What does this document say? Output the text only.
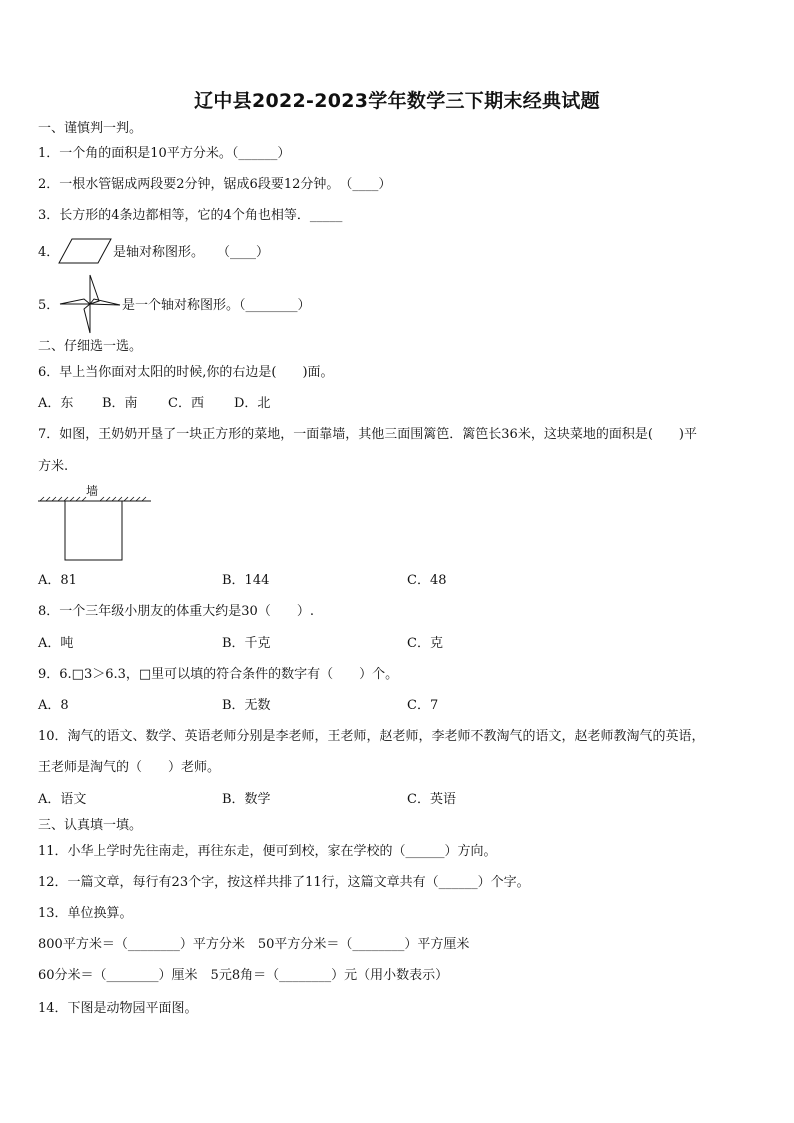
辽中县2022-2023学年数学三下期末经典试题
一、谨慎判一判。
1．一个角的面积是10平方分米。（______）
2．一根水管锯成两段要2分钟，锯成6段要12分钟。　（____）
3．长方形的4条边都相等，它的4个角也相等．_____
4．	是轴对称图形。　　（____）
5．	是一个轴对称图形。（________）
二、仔细选一选。
6．早上当你面对太阳的时候,你的右边是(　　)面。
A．东 B．南 C．西 D．北
7．如图，王奶奶开垦了一块正方形的菜地，一面靠墙，其他三面围篱笆．篱笆长36米，这块菜地的面积是(　　)平
方米.
墙
A．81	B．144	C．48
8．一个三年级小朋友的体重大约是30（　　）.
A．吨	B．千克	C．克
9．6.□3＞6.3，□里可以填的符合条件的数字有（　　）个。
A．8	B．无数	C．7
10．淘气的语文、数学、英语老师分别是李老师，王老师，赵老师，李老师不教淘气的语文，赵老师教淘气的英语，
王老师是淘气的（　　）老师。
A．语文	B．数学	C．英语
三、认真填一填。
11．小华上学时先往南走，再往东走，便可到校，家在学校的（______）方向。
12．一篇文章，每行有23个字，按这样共排了11行，这篇文章共有（______）个字。
13．单位换算。
800平方米＝（________）平方分米　50平方分米＝（________）平方厘米
60分米＝（________）厘米　5元8角＝（________）元（用小数表示）
14．下图是动物园平面图。
